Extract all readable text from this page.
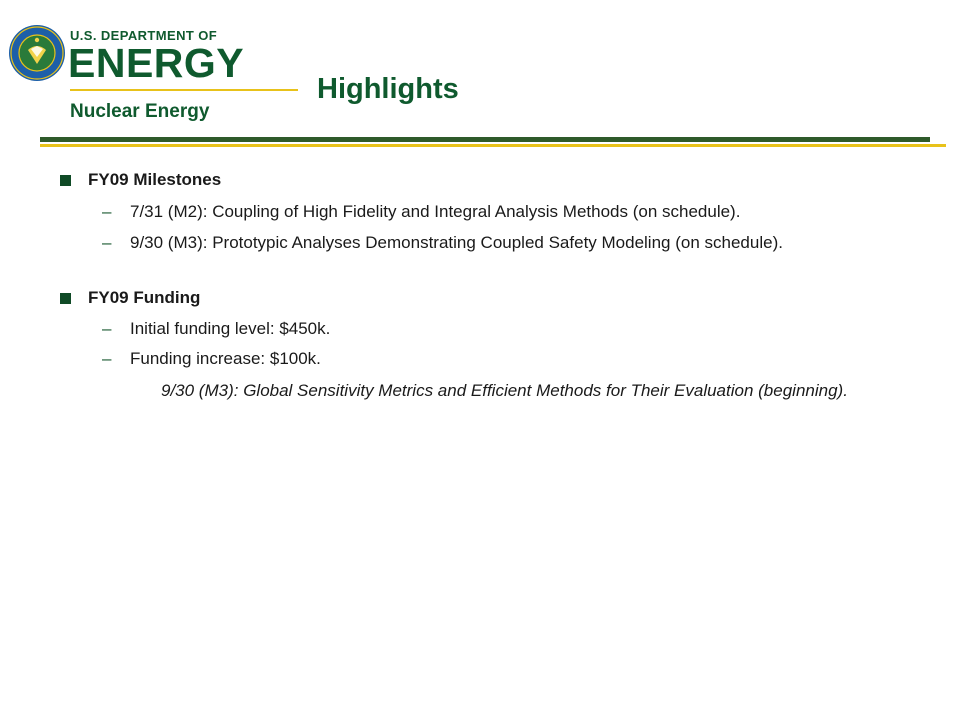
U.S. DEPARTMENT OF
ENERGY
Nuclear Energy
Highlights
FY09 Milestones
–	7/31 (M2): Coupling of High Fidelity and Integral Analysis Methods (on schedule).
–	9/30 (M3): Prototypic Analyses Demonstrating Coupled Safety Modeling (on schedule).
FY09 Funding
–	Initial funding level: $450k.
–	Funding increase: $100k.
9/30 (M3): Global Sensitivity Metrics and Efficient Methods for Their Evaluation (beginning).
